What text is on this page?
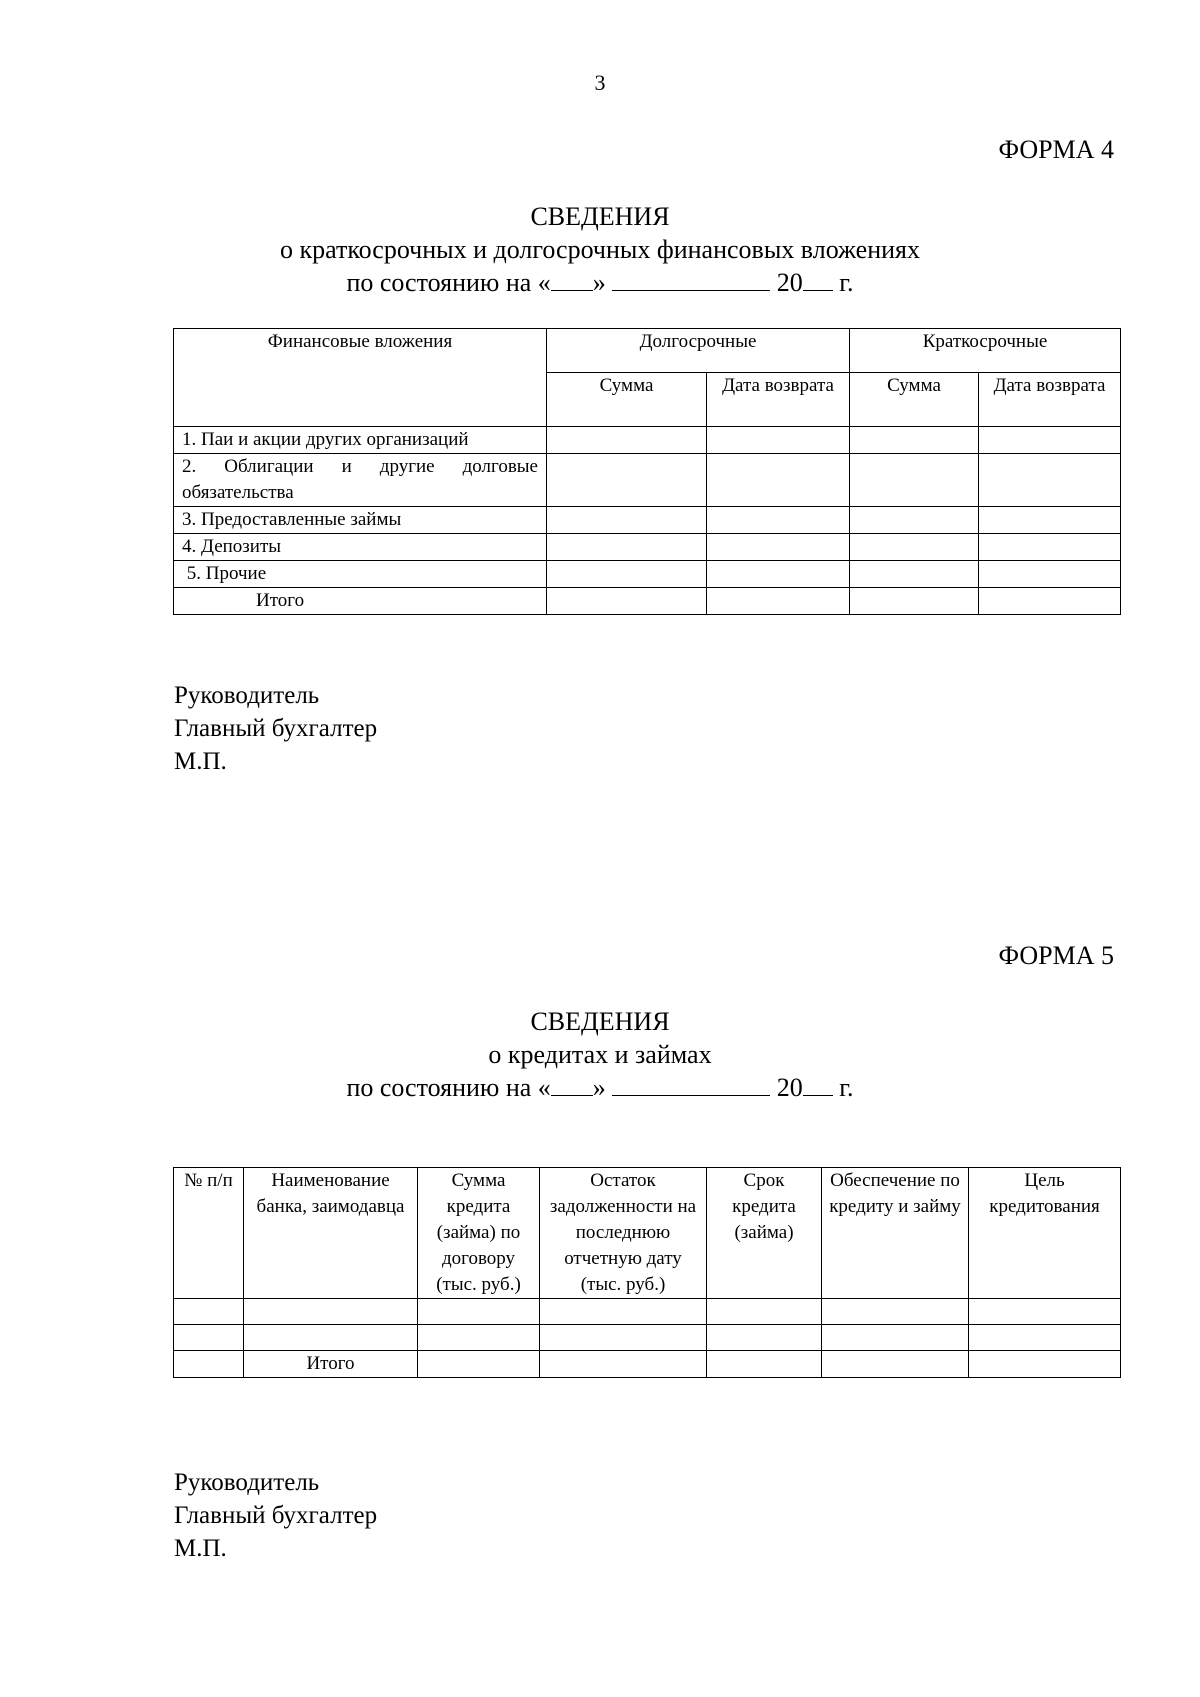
3
ФОРМА 4
СВЕДЕНИЯ
о краткосрочных и долгосрочных финансовых вложениях
по состоянию на « »	20 г.
Финансовые вложения	Долгосрочные		Краткосрочные	
	Сумма	Дата возврата	Сумма	Дата возврата
1. Паи и акции других организаций				
2. Облигации и другие долговые обязательства				
3. Предоставленные займы				
4. Депозиты				
5. Прочие				
Итого				
Руководитель
Главный бухгалтер
М.П.
ФОРМА 5
СВЕДЕНИЯ
о кредитах и займах
по состоянию на « »	20 г.
№ п/п	Наименование банка, заимодавца	Сумма кредита (займа) по договору (тыс. руб.)	Остаток задолженности на последнюю отчетную дату (тыс. руб.)	Срок кредита (займа)	Обеспечение по кредиту и займу	Цель кредитования

	Итого					
Руководитель
Главный бухгалтер
М.П.
